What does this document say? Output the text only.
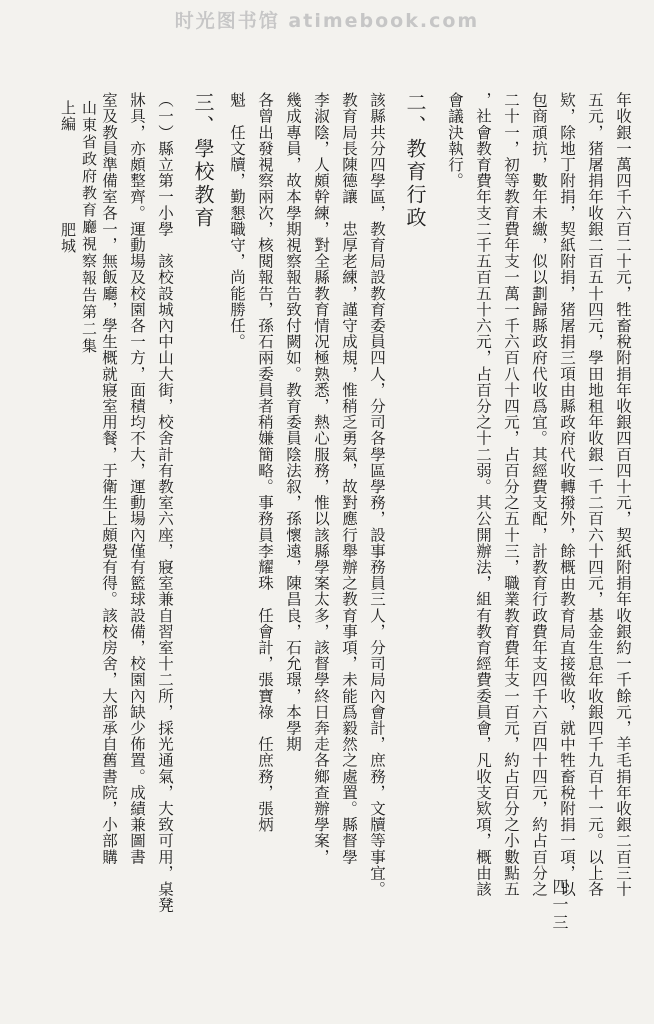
时光图书馆 atimebook.com
年收銀一萬四千六百二十元，牲畜稅附捐年收銀四百四十元，契紙附捐年收銀約一千餘元，羊毛捐年收銀二百三十
五元，猪屠捐年收銀二百五十四元，學田地租年收銀一千二百六十四元，基金生息年收銀四千九百十一元。以上各
欵，除地丁附捐，契紙附捐，猪屠捐三項由縣政府代收轉撥外，餘概由教育局直接徵收，就中牲畜稅附捐一項，以
包商頑抗，數年未繳，似以劃歸縣政府代收爲宜。其經費支配，計教育行政費年支四千六百四十四元，約占百分之
二十一，初等教育費年支一萬一千六百八十四元，占百分之五十三，職業教育費年支一百元，約占百分之小數點五
，社會教育費年支二千五百五十六元，占百分之十二弱。其公開辦法，組有教育經費委員會，凡收支欵項，概由該
會議決執行。
二、教育行政
該縣共分四學區，教育局設教育委員四人，分司各學區學務，設事務員三人，分司局內會計，庶務，文牘等事宜。
教育局長陳德讓　忠厚老練，謹守成規，惟稍乏勇氣，故對應行舉辦之教育事項，未能爲毅然之處置。縣督學
李淑陰，人頗幹練，對全縣教育情况極熟悉，熱心服務，惟以該縣學案太多，該督學終日奔走各鄉查辦學案，
幾成專員，故本學期視察報告致付闕如。教育委員陰法叙，孫懷遠，陳昌良，石允璟，本學期
各曾出發視察兩次，核閱報告，孫石兩委員者稍嫌簡略。事務員李耀珠　任會計，張寶祿　任庶務，張炳
魁　任文牘，勤懇職守，尚能勝任。
三、學校教育
（一）縣立第一小學　該校設城內中山大街，校舍計有教室六座，寢室兼自習室十二所，採光通氣，大致可用，桌凳
牀具，亦頗整齊。運動場及校園各一方，面積均不大，運動場內僅有籃球設備，校園內缺少佈置。成績兼圖書
室及教員準備室各一，無飯廳，學生概就寢室用餐，于衛生上頗覺有得。該校房舍，大部承自舊書院，小部購
山東省政府教育廳視察報告第二集
上編
肥城
四一三
